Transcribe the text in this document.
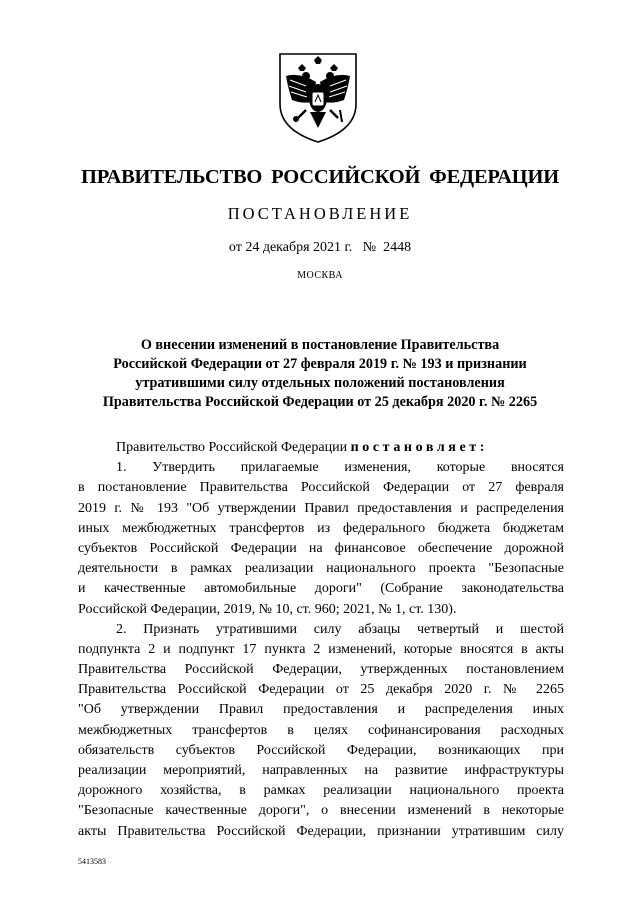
ПРАВИТЕЛЬСТВО РОССИЙСКОЙ ФЕДЕРАЦИИ
ПОСТАНОВЛЕНИЕ
от 24 декабря 2021 г. № 2448
МОСКВА
О внесении изменений в постановление Правительства
Российской Федерации от 27 февраля 2019 г. № 193 и признании
утратившими силу отдельных положений постановления
Правительства Российской Федерации от 25 декабря 2020 г. № 2265
Правительство Российской Федерации постановляет:
1. Утвердить прилагаемые изменения, которые вносятся
в постановление Правительства Российской Федерации от 27 февраля
2019 г. № 193 "Об утверждении Правил предоставления и распределения
иных межбюджетных трансфертов из федерального бюджета бюджетам
субъектов Российской Федерации на финансовое обеспечение дорожной
деятельности в рамках реализации национального проекта "Безопасные
и качественные автомобильные дороги" (Собрание законодательства
Российской Федерации, 2019, № 10, ст. 960; 2021, № 1, ст. 130).
2. Признать утратившими силу абзацы четвертый и шестой
подпункта 2 и подпункт 17 пункта 2 изменений, которые вносятся в акты
Правительства Российской Федерации, утвержденных постановлением
Правительства Российской Федерации от 25 декабря 2020 г. № 2265
"Об утверждении Правил предоставления и распределения иных
межбюджетных трансфертов в целях софинансирования расходных
обязательств субъектов Российской Федерации, возникающих при
реализации мероприятий, направленных на развитие инфраструктуры
дорожного хозяйства, в рамках реализации национального проекта
"Безопасные качественные дороги", о внесении изменений в некоторые
акты Правительства Российской Федерации, признании утратившим силу
5413583
